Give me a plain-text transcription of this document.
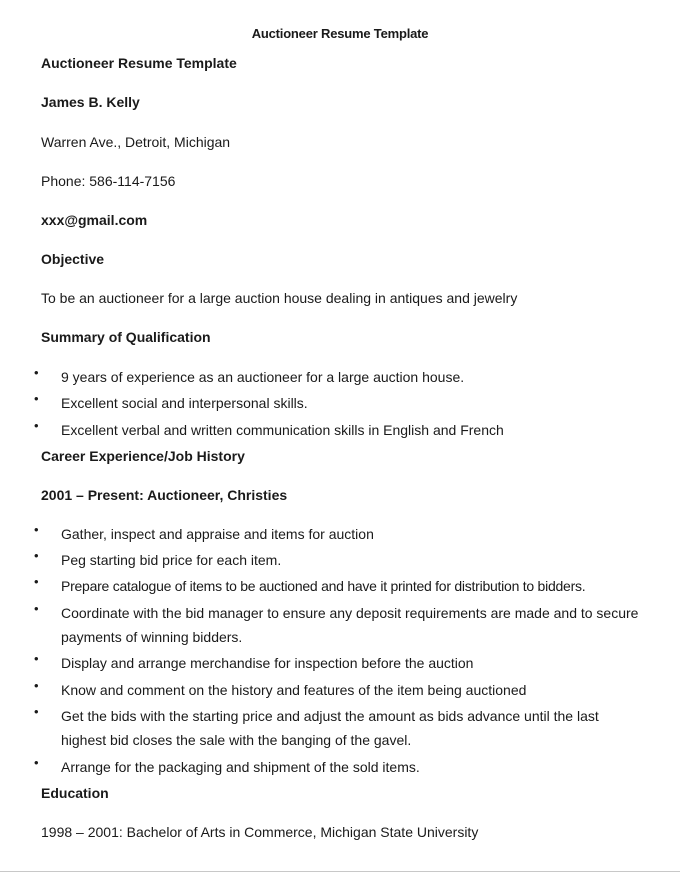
Auctioneer Resume Template
Auctioneer Resume Template
James B. Kelly
Warren Ave., Detroit, Michigan
Phone: 586-114-7156
xxx@gmail.com
Objective
To be an auctioneer for a large auction house dealing in antiques and jewelry
Summary of Qualification
• 9 years of experience as an auctioneer for a large auction house.
• Excellent social and interpersonal skills.
• Excellent verbal and written communication skills in English and French
Career Experience/Job History
2001 – Present: Auctioneer, Christies
• Gather, inspect and appraise and items for auction
• Peg starting bid price for each item.
• Prepare catalogue of items to be auctioned and have it printed for distribution to bidders.
• Coordinate with the bid manager to ensure any deposit requirements are made and to secure payments of winning bidders.
• Display and arrange merchandise for inspection before the auction
• Know and comment on the history and features of the item being auctioned
• Get the bids with the starting price and adjust the amount as bids advance until the last highest bid closes the sale with the banging of the gavel.
• Arrange for the packaging and shipment of the sold items.
Education
1998 – 2001: Bachelor of Arts in Commerce, Michigan State University
